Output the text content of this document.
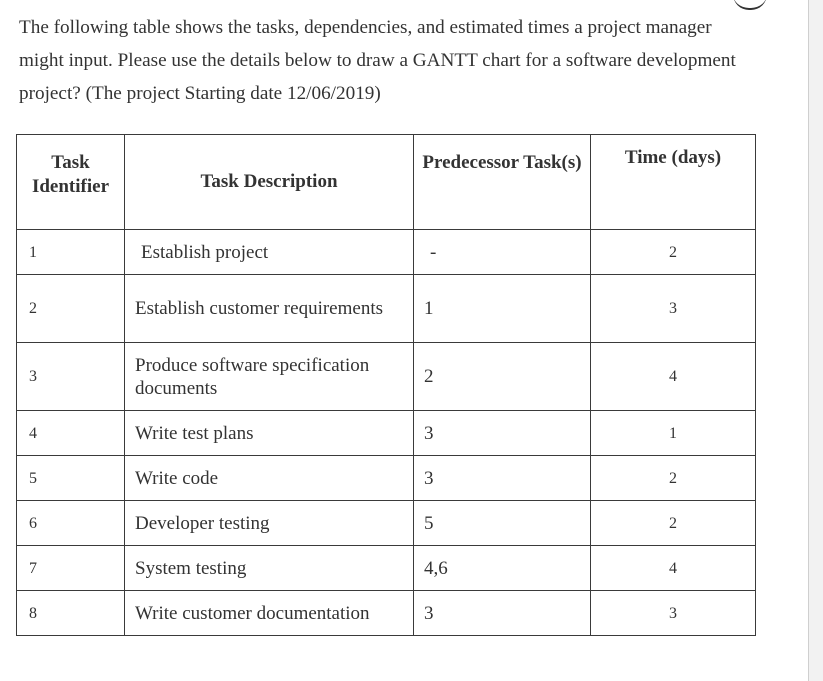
The following table shows the tasks, dependencies, and estimated times a project manager might input. Please use the details below to draw a GANTT chart for a software development project? (The project Starting date 12/06/2019)

Task Identifier	Task Description	Predecessor Task(s)	Time (days)
1	Establish project	-	2
2	Establish customer requirements	1	3
3	Produce software specification documents	2	4
4	Write test plans	3	1
5	Write code	3	2
6	Developer testing	5	2
7	System testing	4,6	4
8	Write customer documentation	3	3
